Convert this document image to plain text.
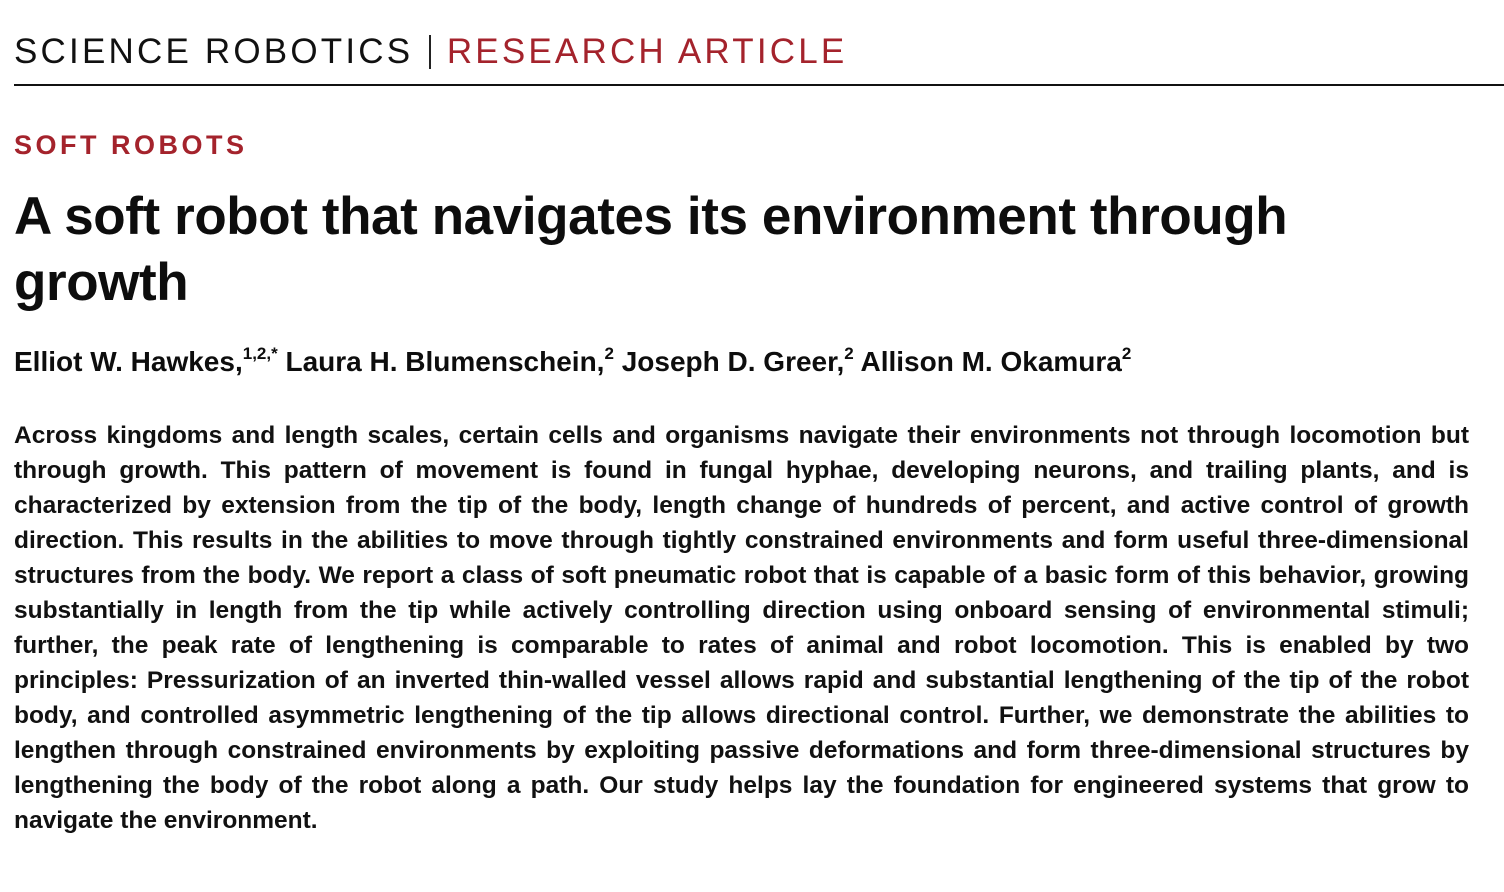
SCIENCE ROBOTICS RESEARCH ARTICLE
SOFT ROBOTS
A soft robot that navigates its environment through growth
Elliot W. Hawkes,$^{1,2,*}$ Laura H. Blumenschein,$^2$ Joseph D. Greer,$^2$ Allison M. Okamura$^2$

Across kingdoms and length scales, certain cells and organisms navigate their environments not through locomotion but through growth. This pattern of movement is found in fungal hyphae, developing neurons, and trailing plants, and is characterized by extension from the tip of the body, length change of hundreds of percent, and active control of growth direction. This results in the abilities to move through tightly constrained environments and form useful three-dimensional structures from the body. We report a class of soft pneumatic robot that is capable of a basic form of this behavior, growing substantially in length from the tip while actively controlling direction using onboard sensing of environmental stimuli; further, the peak rate of lengthening is comparable to rates of animal and robot locomotion. This is enabled by two principles: Pressurization of an inverted thin-walled vessel allows rapid and substantial lengthening of the tip of the robot body, and controlled asymmetric lengthening of the tip allows directional control. Further, we demonstrate the abilities to lengthen through constrained environments by exploiting passive deformations and form three-dimensional structures by lengthening the body of the robot along a path. Our study helps lay the foundation for engineered systems that grow to navigate the environment.
